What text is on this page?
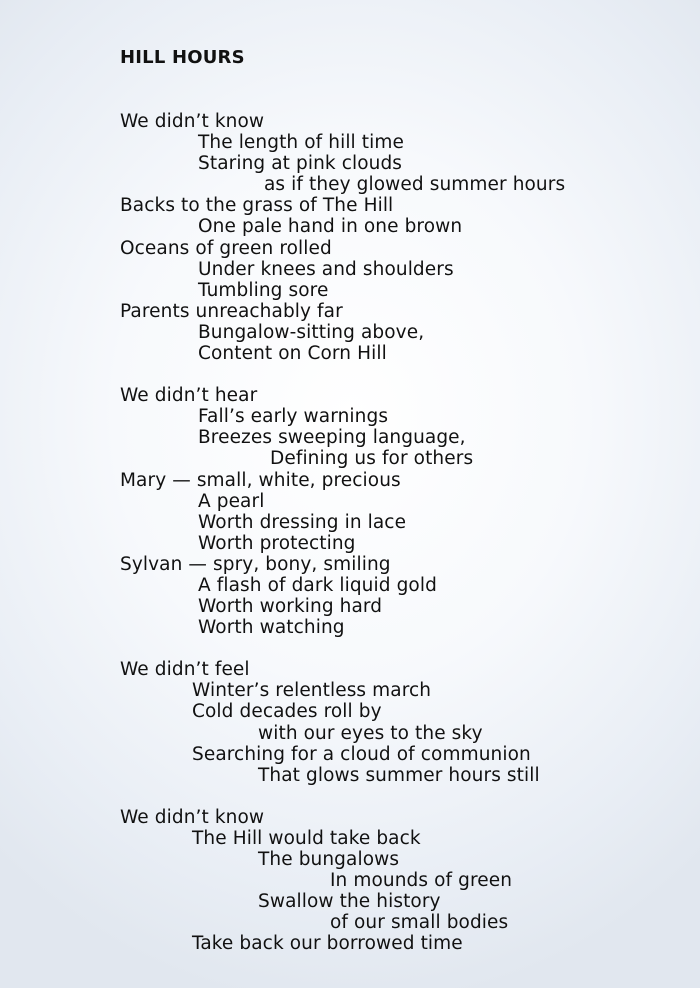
HILL HOURS
We didn’t know
The length of hill time
Staring at pink clouds
as if they glowed summer hours
Backs to the grass of The Hill
One pale hand in one brown
Oceans of green rolled
Under knees and shoulders
Tumbling sore
Parents unreachably far
Bungalow-sitting above,
Content on Corn Hill
We didn’t hear
Fall’s early warnings
Breezes sweeping language,
Defining us for others
Mary — small, white, precious
A pearl
Worth dressing in lace
Worth protecting
Sylvan — spry, bony, smiling
A flash of dark liquid gold
Worth working hard
Worth watching
We didn’t feel
Winter’s relentless march
Cold decades roll by
with our eyes to the sky
Searching for a cloud of communion
That glows summer hours still
We didn’t know
The Hill would take back
The bungalows
In mounds of green
Swallow the history
of our small bodies
Take back our borrowed time
